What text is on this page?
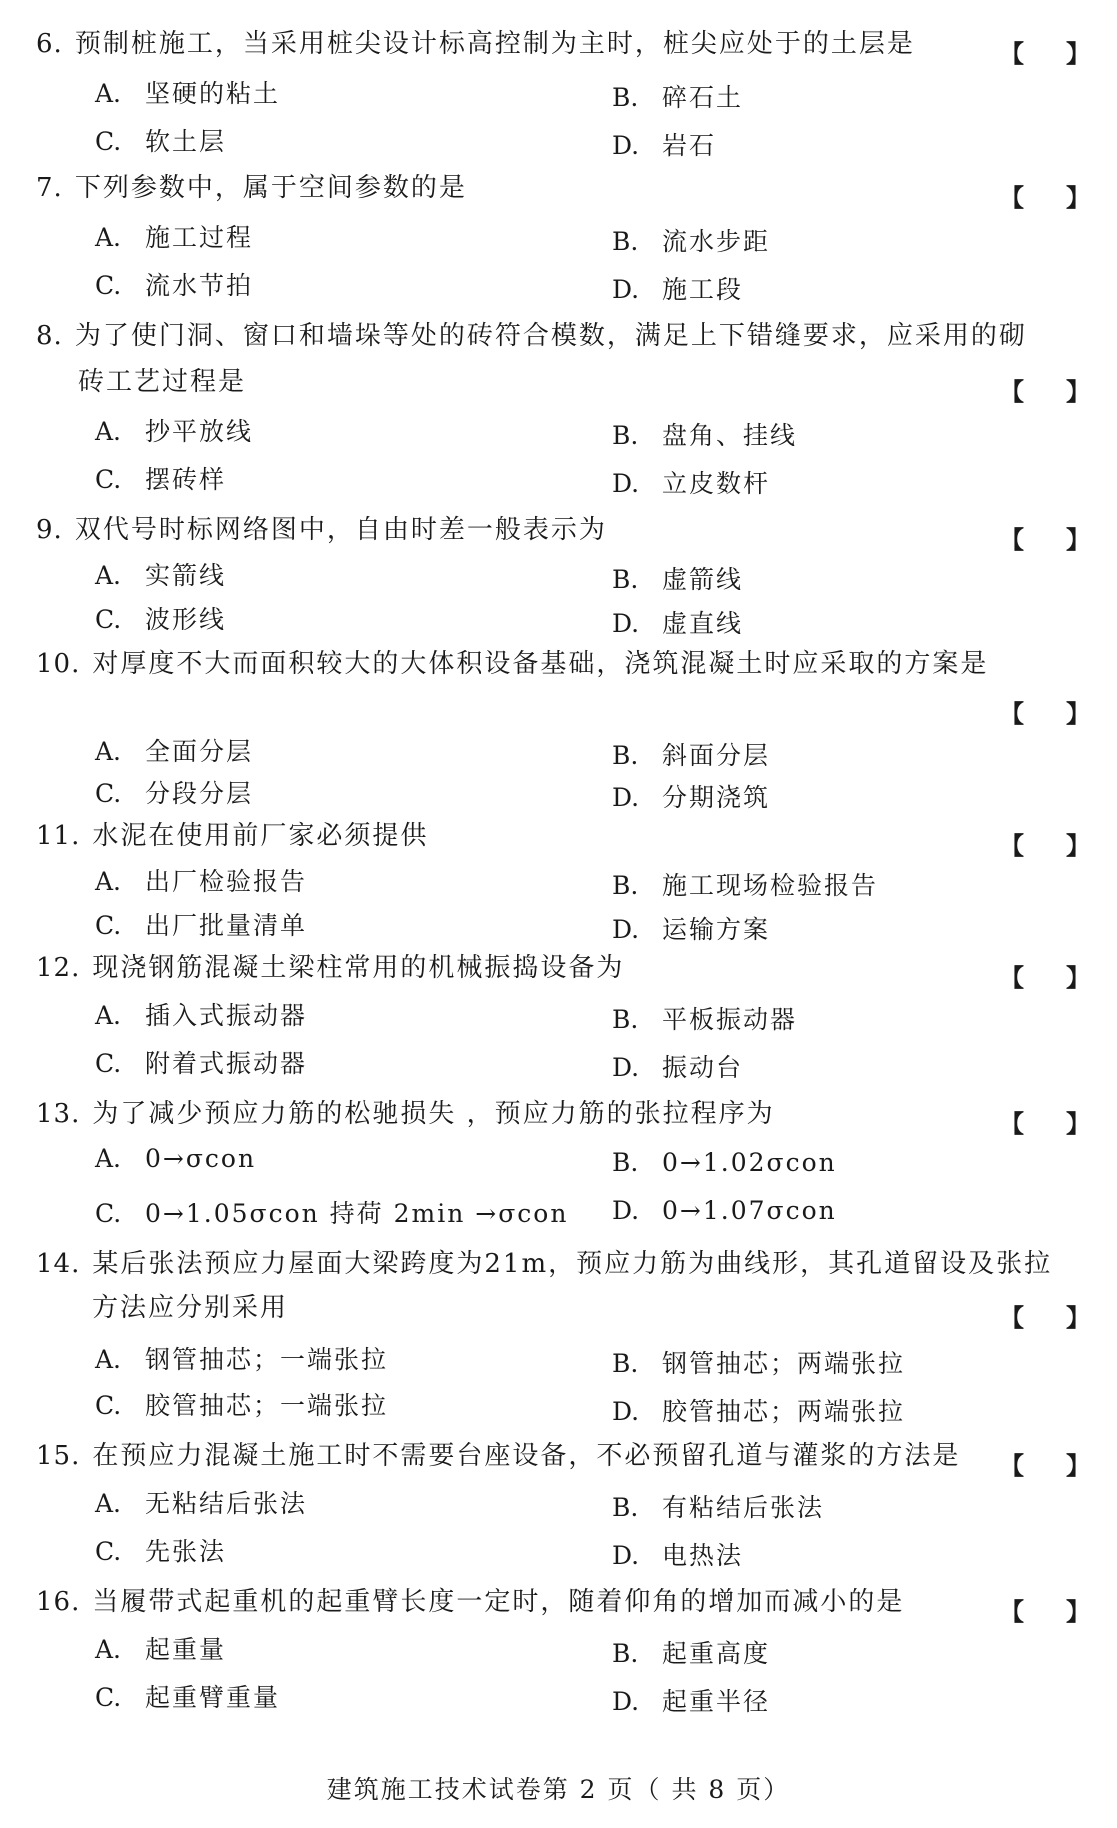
6. 预制桩施工，当采用桩尖设计标高控制为主时，桩尖应处于的土层是	【 】
A. 坚硬的粘土	B. 碎石土
C. 软土层	D. 岩石
7. 下列参数中，属于空间参数的是	【 】
A. 施工过程	B. 流水步距
C. 流水节拍	D. 施工段
8. 为了使门洞、窗口和墙垛等处的砖符合模数，满足上下错缝要求，应采用的砌
砖工艺过程是	【 】
A. 抄平放线	B. 盘角、挂线
C. 摆砖样	D. 立皮数杆
9. 双代号时标网络图中，自由时差一般表示为	【 】
A. 实箭线	B. 虚箭线
C. 波形线	D. 虚直线
10. 对厚度不大而面积较大的大体积设备基础，浇筑混凝土时应采取的方案是
【 】
A. 全面分层	B. 斜面分层
C. 分段分层	D. 分期浇筑
11. 水泥在使用前厂家必须提供	【 】
A. 出厂检验报告	B. 施工现场检验报告
C. 出厂批量清单	D. 运输方案
12. 现浇钢筋混凝土梁柱常用的机械振捣设备为	【 】
A. 插入式振动器	B. 平板振动器
C. 附着式振动器	D. 振动台
13. 为了减少预应力筋的松驰损失 ，预应力筋的张拉程序为	【 】
A. 0→σcon	B. 0→1.02σcon
C. 0→1.05σcon 持荷 2min →σcon D. 0→1.07σcon
14. 某后张法预应力屋面大梁跨度为21m，预应力筋为曲线形，其孔道留设及张拉
方法应分别采用	【 】
A. 钢管抽芯；一端张拉	B. 钢管抽芯；两端张拉
C. 胶管抽芯；一端张拉	D. 胶管抽芯；两端张拉
15. 在预应力混凝土施工时不需要台座设备，不必预留孔道与灌浆的方法是	【 】
A. 无粘结后张法	B. 有粘结后张法
C. 先张法	D. 电热法
16. 当履带式起重机的起重臂长度一定时，随着仰角的增加而减小的是	【 】
A. 起重量	B. 起重高度
C. 起重臂重量	D. 起重半径
建筑施工技术试卷第 2 页（ 共 8 页）
